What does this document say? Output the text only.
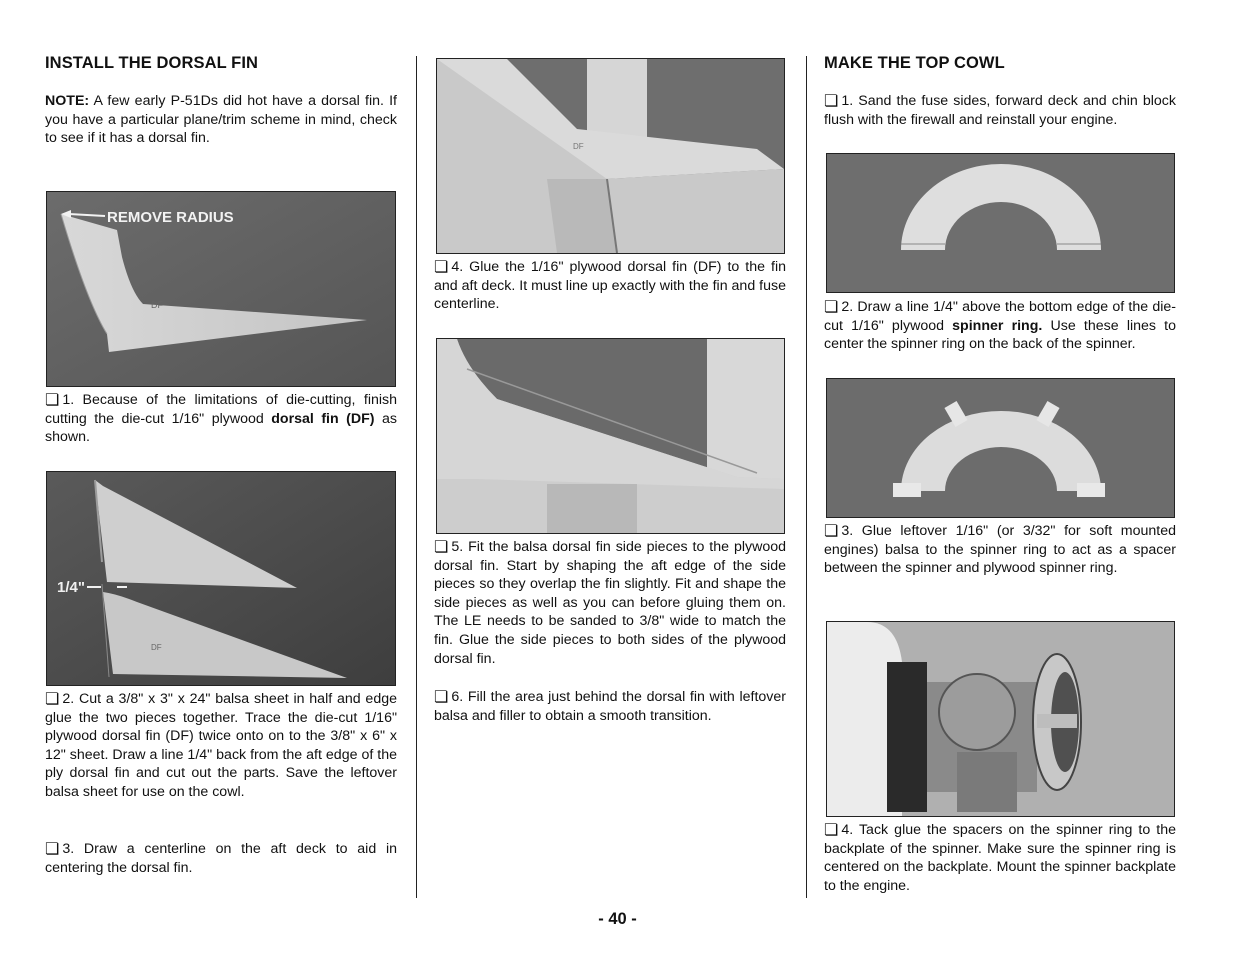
INSTALL THE DORSAL FIN

NOTE: A few early P-51Ds did hot have a dorsal fin. If you have a particular plane/trim scheme in mind, check to see if it has a dorsal fin.

REMOVE RADIUS
DF

❏ 1. Because of the limitations of die-cutting, finish cutting the die-cut 1/16" plywood dorsal fin (DF) as shown.

1/4"
DF

❏ 2. Cut a 3/8" x 3" x 24" balsa sheet in half and edge glue the two pieces together. Trace the die-cut 1/16" plywood dorsal fin (DF) twice onto on to the 3/8" x 6" x 12" sheet. Draw a line 1/4" back from the aft edge of the ply dorsal fin and cut out the parts. Save the leftover balsa sheet for use on the cowl.

❏ 3. Draw a centerline on the aft deck to aid in centering the dorsal fin.

DF

❏ 4. Glue the 1/16" plywood dorsal fin (DF) to the fin and aft deck. It must line up exactly with the fin and fuse centerline.

❏ 5. Fit the balsa dorsal fin side pieces to the plywood dorsal fin. Start by shaping the aft edge of the side pieces so they overlap the fin slightly. Fit and shape the side pieces as well as you can before gluing them on. The LE needs to be sanded to 3/8" wide to match the fin. Glue the side pieces to both sides of the plywood dorsal fin.

❏ 6. Fill the area just behind the dorsal fin with leftover balsa and filler to obtain a smooth transition.

MAKE THE TOP COWL

❏ 1. Sand the fuse sides, forward deck and chin block flush with the firewall and reinstall your engine.

❏ 2. Draw a line 1/4" above the bottom edge of the die-cut 1/16" plywood spinner ring. Use these lines to center the spinner ring on the back of the spinner.

❏ 3. Glue leftover 1/16" (or 3/32" for soft mounted engines) balsa to the spinner ring to act as a spacer between the spinner and plywood spinner ring.

❏ 4. Tack glue the spacers on the spinner ring to the backplate of the spinner. Make sure the spinner ring is centered on the backplate. Mount the spinner backplate to the engine.

- 40 -
